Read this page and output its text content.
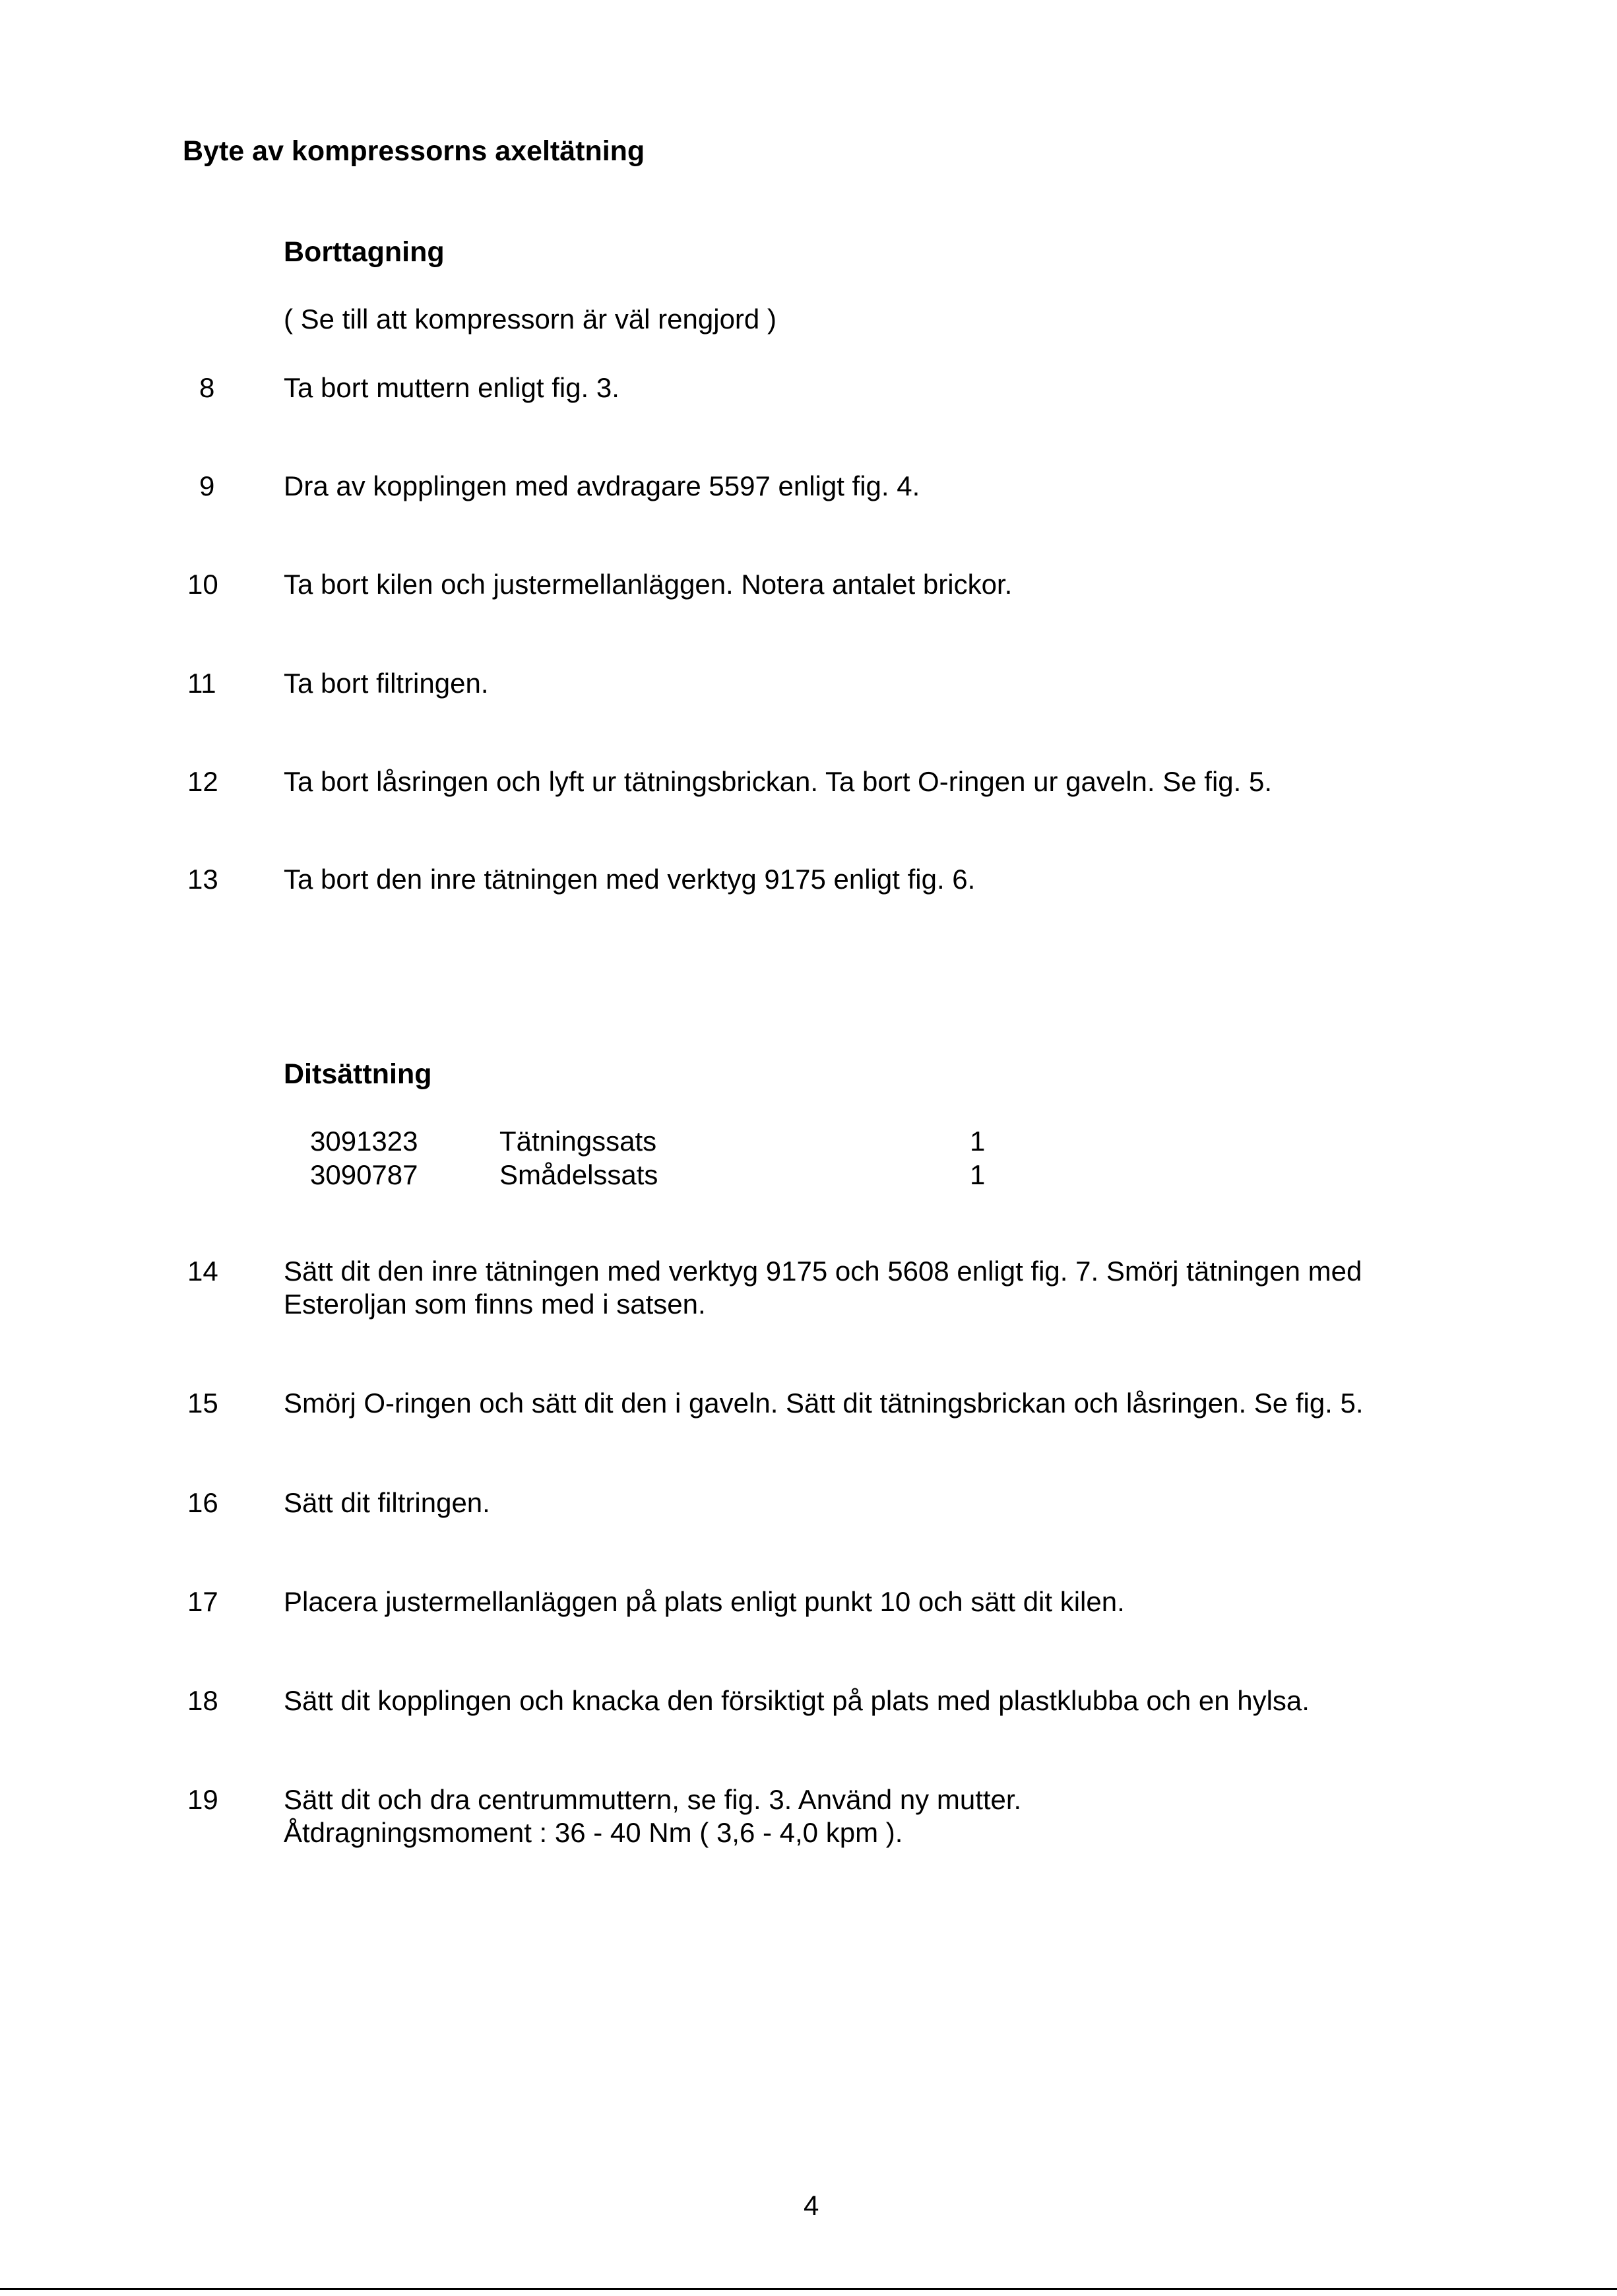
Byte av kompressorns axeltätning
Borttagning
( Se till att kompressorn är väl rengjord )
8	Ta bort muttern enligt fig. 3.
9	Dra av kopplingen med avdragare 5597 enligt fig. 4.
10	Ta bort kilen och justermellanläggen. Notera antalet brickor.
11	Ta bort filtringen.
12	Ta bort låsringen och lyft ur tätningsbrickan. Ta bort O-ringen ur gaveln. Se fig. 5.
13	Ta bort den inre tätningen med verktyg 9175 enligt fig. 6.
Ditsättning
3091323	Tätningssats	1
3090787	Smådelssats	1
14	Sätt dit den inre tätningen med verktyg 9175 och 5608 enligt fig. 7. Smörj tätningen med
Esteroljan som finns med i satsen.
15	Smörj O-ringen och sätt dit den i gaveln. Sätt dit tätningsbrickan och låsringen. Se fig. 5.
16	Sätt dit filtringen.
17	Placera justermellanläggen på plats enligt punkt 10 och sätt dit kilen.
18	Sätt dit kopplingen och knacka den försiktigt på plats med plastklubba och en hylsa.
19	Sätt dit och dra centrummuttern, se fig. 3. Använd ny mutter.
Åtdragningsmoment : 36 - 40 Nm ( 3,6 - 4,0 kpm ).
4
